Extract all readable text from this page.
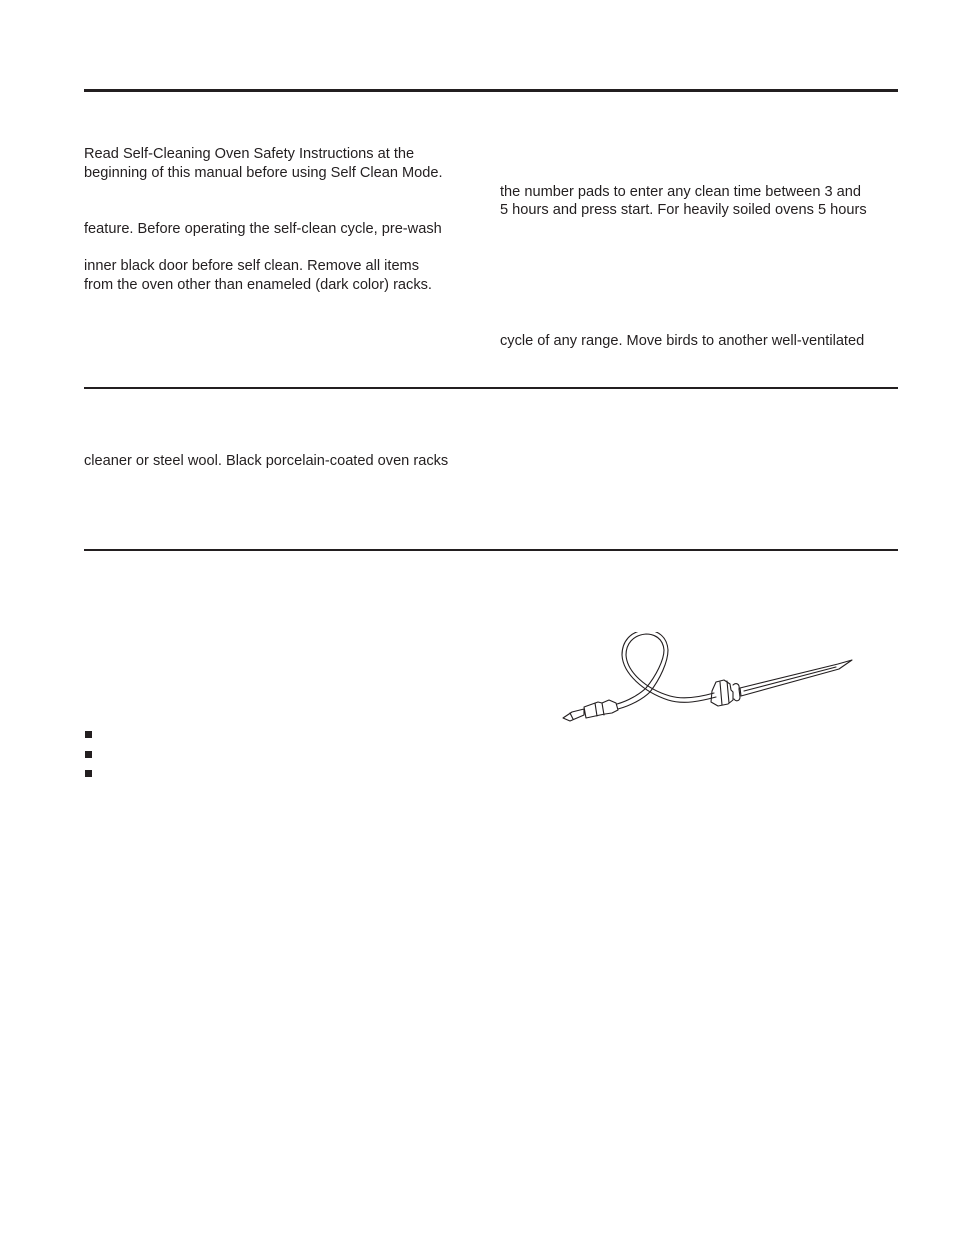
Read Self-Cleaning Oven Safety Instructions at the
beginning of this manual before using Self Clean Mode.
feature. Before operating the self-clean cycle, pre-wash
inner black door before self clean. Remove all items
from the oven other than enameled (dark color) racks.
the number pads to enter any clean time between 3 and
5 hours and press start. For heavily soiled ovens 5 hours
cycle of any range. Move birds to another well-ventilated
cleaner or steel wool. Black porcelain-coated oven racks
